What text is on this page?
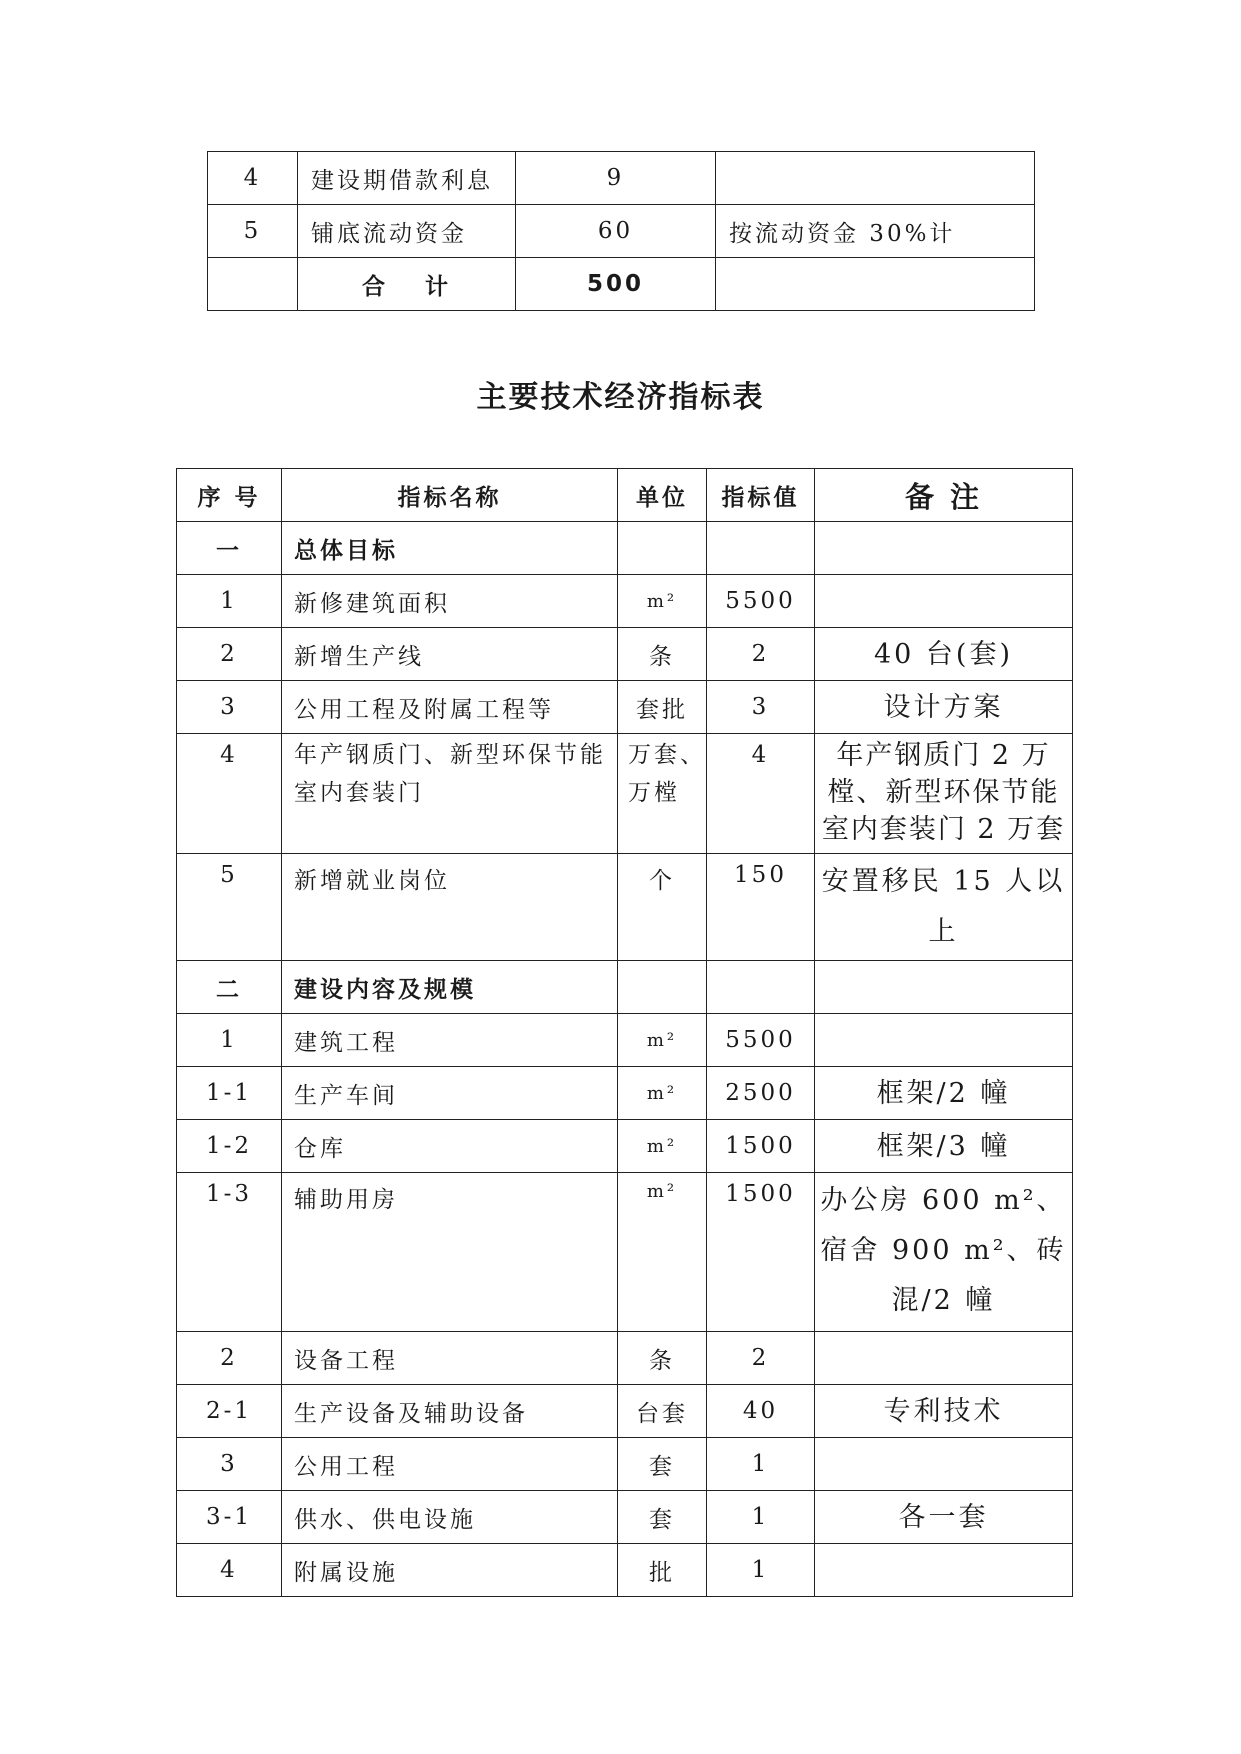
4	建设期借款利息	9	
5	铺底流动资金	60	按流动资金 30%计
	合　 计	500	
主要技术经济指标表
序 号	指标名称	单位	指标值	备 注
一	总体目标			
1	新修建筑面积	m²	5500	
2	新增生产线	条	2	40 台(套)
3	公用工程及附属工程等	套批	3	设计方案
4	年产钢质门、新型环保节能室内套装门	万套、万樘	4	年产钢质门 2 万樘、新型环保节能室内套装门 2 万套
5	新增就业岗位	个	150	安置移民 15 人以上
二	建设内容及规模			
1	建筑工程	m²	5500	
1-1	生产车间	m²	2500	框架/2 幢
1-2	仓库	m²	1500	框架/3 幢
1-3	辅助用房	m²	1500	办公房 600 m²、宿舍 900 m²、砖混/2 幢
2	设备工程	条	2	
2-1	生产设备及辅助设备	台套	40	专利技术
3	公用工程	套	1	
3-1	供水、供电设施	套	1	各一套
4	附属设施	批	1	
